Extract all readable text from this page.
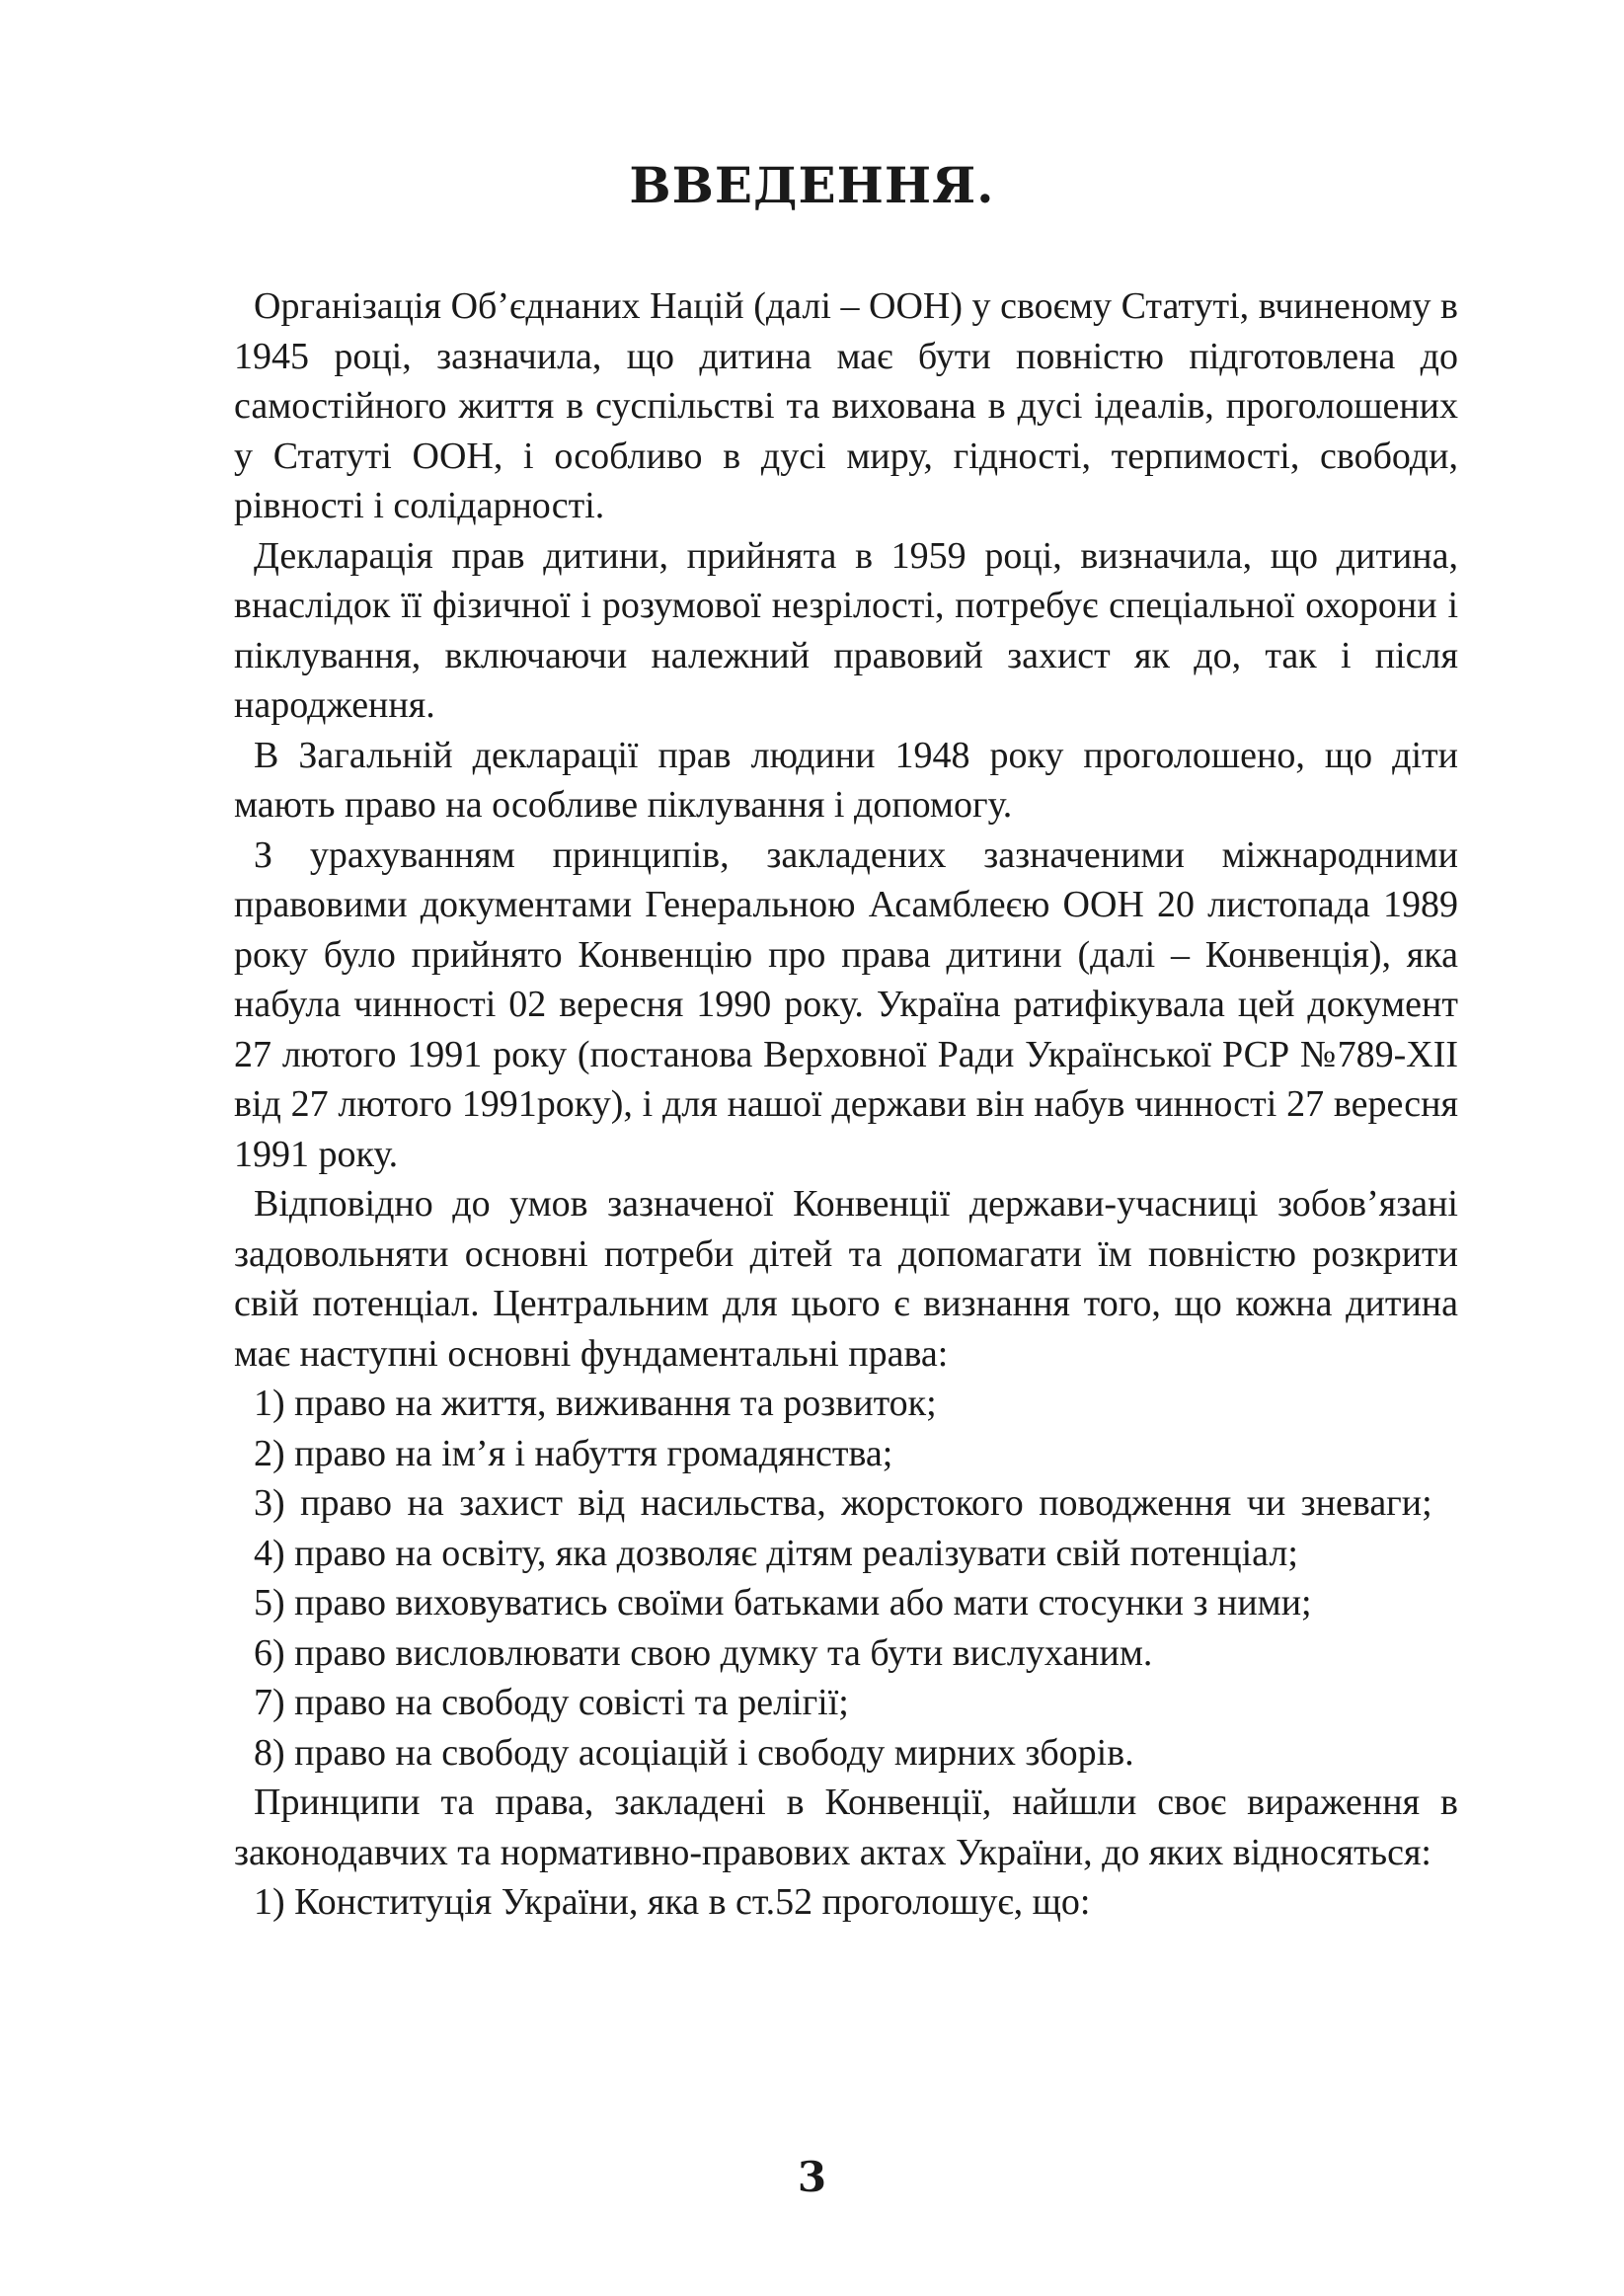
ВВЕДЕННЯ.

Організація Об’єднаних Націй (далі – ООН) у своєму Статуті, вчиненому в 1945 році, зазначила, що дитина має бути повністю підготовлена до самостійного життя в суспільстві та вихована в дусі ідеалів, проголошених у Статуті ООН, і особливо в дусі миру, гідності, терпимості, свободи, рівності і солідарності.

Декларація прав дитини, прийнята в 1959 році, визначила, що дитина, внаслідок її фізичної і розумової незрілості, потребує спеціальної охорони і піклування, включаючи належний правовий захист як до, так і після народження.

В Загальній декларації прав людини 1948 року проголошено, що діти мають право на особливе піклування і допомогу.

З урахуванням принципів, закладених зазначеними міжнародними правовими документами Генеральною Асамблеєю ООН 20 листопада 1989 року було прийнято Конвенцію про права дитини (далі – Конвенція), яка набула чинності 02 вересня 1990 року. Україна ратифікувала цей документ 27 лютого 1991 року (постанова Верховної Ради Української РСР №789-XII від 27 лютого 1991року), і для нашої держави він набув чинності 27 вересня 1991 року.

Відповідно до умов зазначеної Конвенції держави-учасниці зобов’язані задовольняти основні потреби дітей та допомагати їм повністю розкрити свій потенціал. Центральним для цього є визнання того, що кожна дитина має наступні основні фундаментальні права:

1) право на життя, виживання та розвиток;

2) право на ім’я і набуття громадянства;

3) право на захист від насильства, жорстокого поводження чи зневаги;

4) право на освіту, яка дозволяє дітям реалізувати свій потенціал;

5) право виховуватись своїми батьками або мати стосунки з ними;

6) право висловлювати свою думку та бути вислуханим.

7) право на свободу совісті та релігії;

8) право на свободу асоціацій і свободу мирних зборів.

Принципи та права, закладені в Конвенції, найшли своє вираження в законодавчих та нормативно-правових актах України, до яких відносяться:

1) Конституція України, яка в ст.52 проголошує, що:

3
